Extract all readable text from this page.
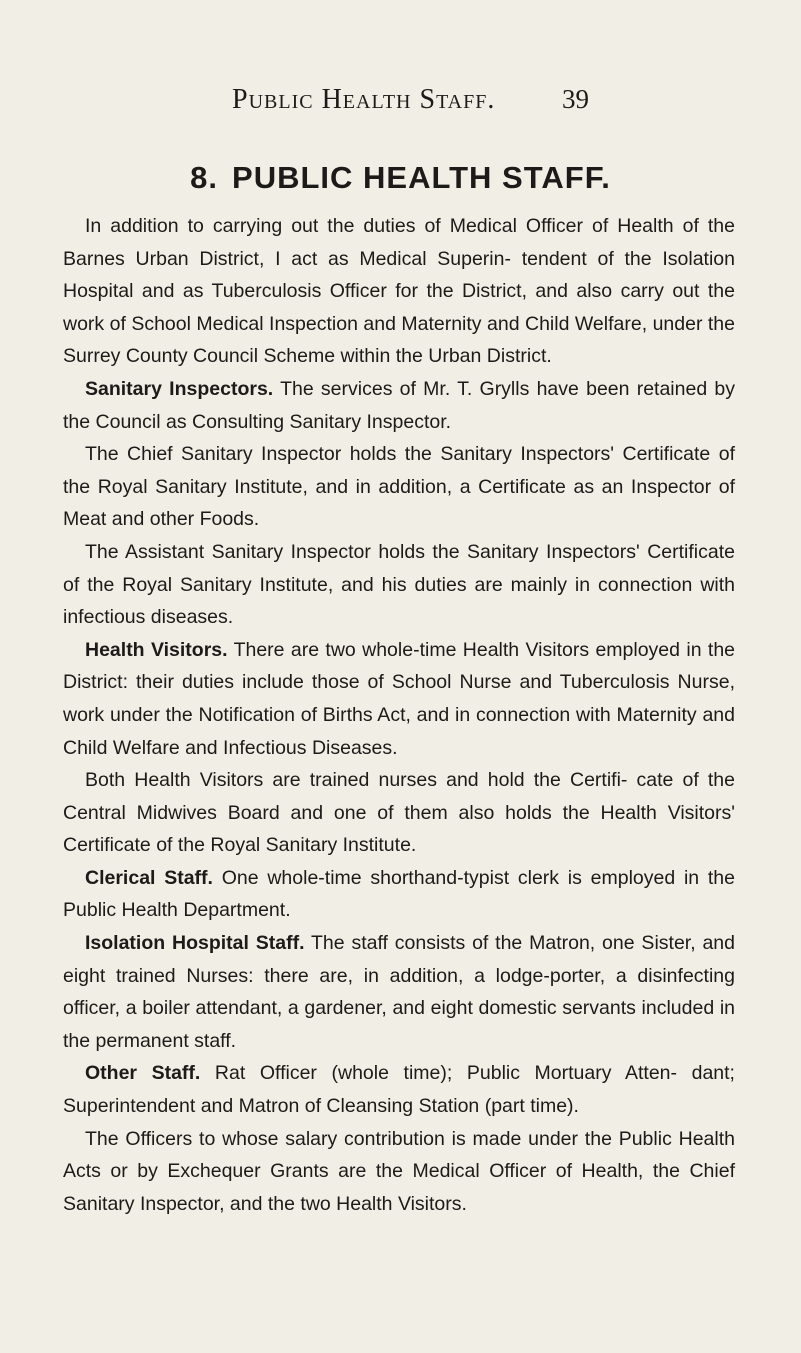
Public Health Staff. 39
8. PUBLIC HEALTH STAFF.

In addition to carrying out the duties of Medical Officer of Health of the Barnes Urban District, I act as Medical Superin- tendent of the Isolation Hospital and as Tuberculosis Officer for the District, and also carry out the work of School Medical Inspection and Maternity and Child Welfare, under the Surrey County Council Scheme within the Urban District.

Sanitary Inspectors. The services of Mr. T. Grylls have been retained by the Council as Consulting Sanitary Inspector.

The Chief Sanitary Inspector holds the Sanitary Inspectors' Certificate of the Royal Sanitary Institute, and in addition, a Certificate as an Inspector of Meat and other Foods.

The Assistant Sanitary Inspector holds the Sanitary Inspectors' Certificate of the Royal Sanitary Institute, and his duties are mainly in connection with infectious diseases.

Health Visitors. There are two whole-time Health Visitors employed in the District: their duties include those of School Nurse and Tuberculosis Nurse, work under the Notification of Births Act, and in connection with Maternity and Child Welfare and Infectious Diseases.

Both Health Visitors are trained nurses and hold the Certifi- cate of the Central Midwives Board and one of them also holds the Health Visitors' Certificate of the Royal Sanitary Institute.

Clerical Staff. One whole-time shorthand-typist clerk is employed in the Public Health Department.

Isolation Hospital Staff. The staff consists of the Matron, one Sister, and eight trained Nurses: there are, in addition, a lodge-porter, a disinfecting officer, a boiler attendant, a gardener, and eight domestic servants included in the permanent staff.

Other Staff. Rat Officer (whole time); Public Mortuary Atten- dant; Superintendent and Matron of Cleansing Station (part time).

The Officers to whose salary contribution is made under the Public Health Acts or by Exchequer Grants are the Medical Officer of Health, the Chief Sanitary Inspector, and the two Health Visitors.
